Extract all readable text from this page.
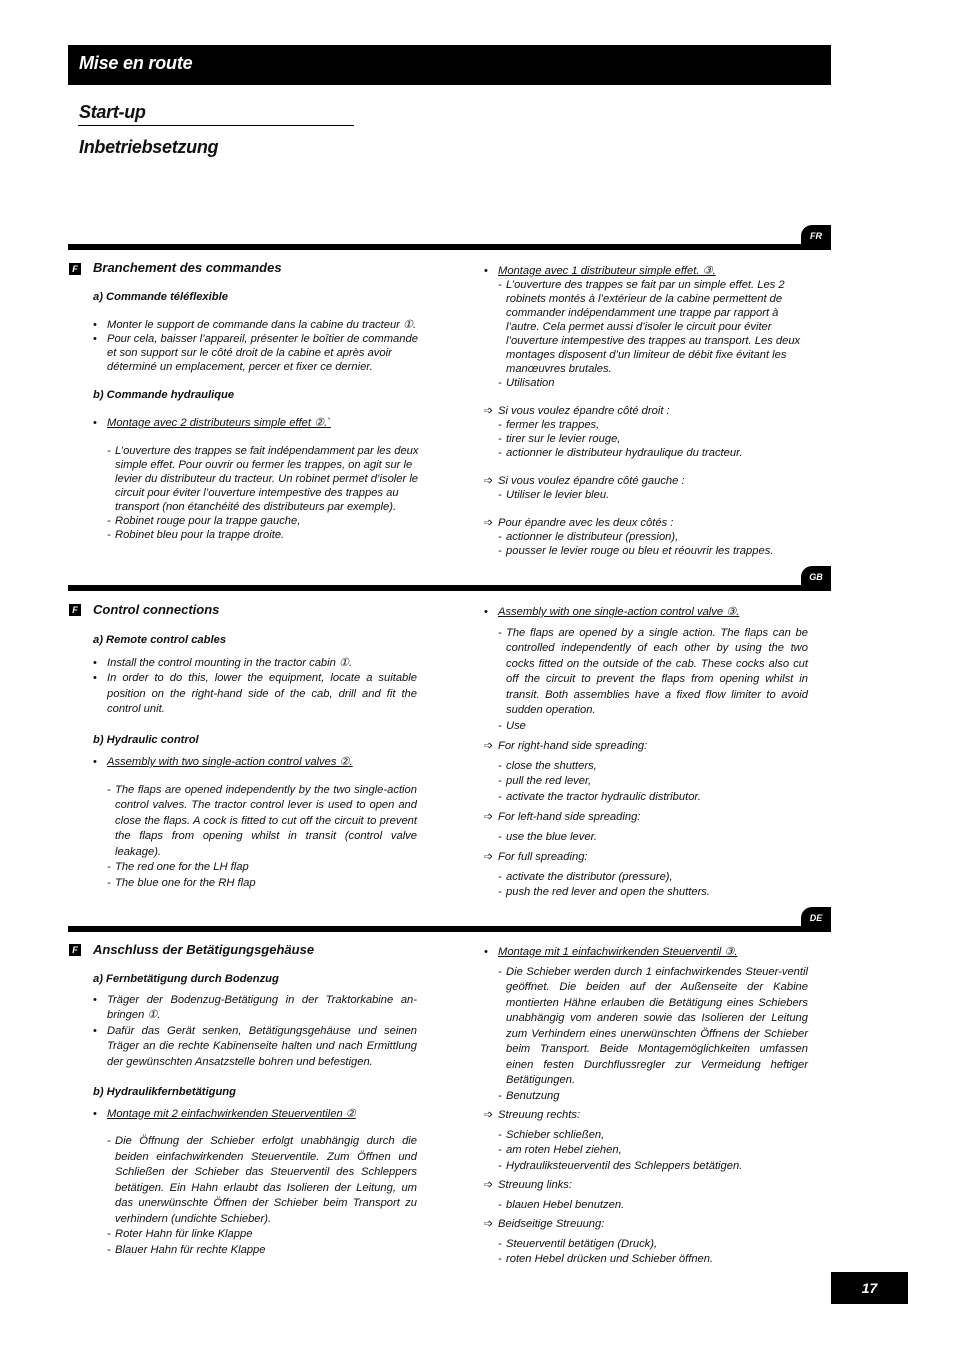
Mise en route
Start-up
Inbetriebsetzung
FR
F Branchement des commandes

a) Commande téléflexible

• Monter le support de commande dans la cabine du tracteur ①.
• Pour cela, baisser l’appareil, présenter le boîtier de commande et son support sur le côté droit de la cabine et après avoir déterminé un emplacement, percer et fixer ce dernier.

b) Commande hydraulique

• Montage avec 2 distributeurs simple effet ②.`
- L’ouverture des trappes se fait indépendamment par les deux simple effet. Pour ouvrir ou fermer les trappes, on agit sur le levier du distributeur du tracteur. Un robinet permet d’isoler le circuit pour éviter l’ouverture intempestive des trappes au transport (non étanchéité des distributeurs par exemple).
- Robinet rouge pour la trappe gauche,
- Robinet bleu pour la trappe droite.
• Montage avec 1 distributeur simple effet. ③.
- L’ouverture des trappes se fait par un simple effet. Les 2 robinets montés à l’extérieur de la cabine permettent de commander indépendamment une trappe par rapport à l’autre. Cela permet aussi d’isoler le circuit pour éviter l’ouverture intempestive des trappes au transport. Les deux montages disposent d’un limiteur de débit fixe évitant les manœuvres brutales.
- Utilisation
➩ Si vous voulez épandre côté droit :
- fermer les trappes,
- tirer sur le levier rouge,
- actionner le distributeur hydraulique du tracteur.
➩ Si vous voulez épandre côté gauche :
- Utiliser le levier bleu.
➩ Pour épandre avec les deux côtés :
- actionner le distributeur (pression),
- pousser le levier rouge ou bleu et réouvrir les trappes.
GB
F Control connections

a) Remote control cables

• Install the control mounting in the tractor cabin ①.
• In order to do this, lower the equipment, locate a suitable position on the right-hand side of the cab, drill and fit the control unit.

b) Hydraulic control

• Assembly with two single-action control valves ②.
- The flaps are opened independently by the two single-action control valves. The tractor control lever is used to open and close the flaps. A cock is fitted to cut off the circuit to prevent the flaps from opening whilst in transit (control valve leakage).
- The red one for the LH flap
- The blue one for the RH flap
• Assembly with one single-action control valve ③.
- The flaps are opened by a single action. The flaps can be controlled independently of each other by using the two cocks fitted on the outside of the cab. These cocks also cut off the circuit to prevent the flaps from opening whilst in transit. Both assemblies have a fixed flow limiter to avoid sudden operation.
- Use
➩ For right-hand side spreading:
- close the shutters,
- pull the red lever,
- activate the tractor hydraulic distributor.
➩ For left-hand side spreading:
- use the blue lever.
➩ For full spreading:
- activate the distributor (pressure),
- push the red lever and open the shutters.
DE
F Anschluss der Betätigungsgehäuse

a) Fernbetätigung durch Bodenzug

• Träger der Bodenzug-Betätigung in der Traktorkabine an-bringen ①.
• Dafür das Gerät senken, Betätigungsgehäuse und seinen Träger an die rechte Kabinenseite halten und nach Ermittlung der gewünschten Ansatzstelle bohren und befestigen.

b) Hydraulikfernbetätigung

• Montage mit 2 einfachwirkenden Steuerventilen ②
- Die Öffnung der Schieber erfolgt unabhängig durch die beiden einfachwirkenden Steuerventile. Zum Öffnen und Schließen der Schieber das Steuerventil des Schleppers betätigen. Ein Hahn erlaubt das Isolieren der Leitung, um das unerwünschte Öffnen der Schieber beim Transport zu verhindern (undichte Schieber).
- Roter Hahn für linke Klappe
- Blauer Hahn für rechte Klappe
• Montage mit 1 einfachwirkenden Steuerventil ③.
- Die Schieber werden durch 1 einfachwirkendes Steuer-ventil geöffnet. Die beiden auf der Außenseite der Kabine montierten Hähne erlauben die Betätigung eines Schiebers unabhängig vom anderen sowie das Isolieren der Leitung zum Verhindern eines unerwünschten Öffnens der Schieber beim Transport. Beide Montagemöglichkeiten umfassen einen festen Durchflussregler zur Vermeidung heftiger Betätigungen.
- Benutzung
➩ Streuung rechts:
- Schieber schließen,
- am roten Hebel ziehen,
- Hydrauliksteuerventil des Schleppers betätigen.
➩ Streuung links:
- blauen Hebel benutzen.
➩ Beidseitige Streuung:
- Steuerventil betätigen (Druck),
- roten Hebel drücken und Schieber öffnen.
17
